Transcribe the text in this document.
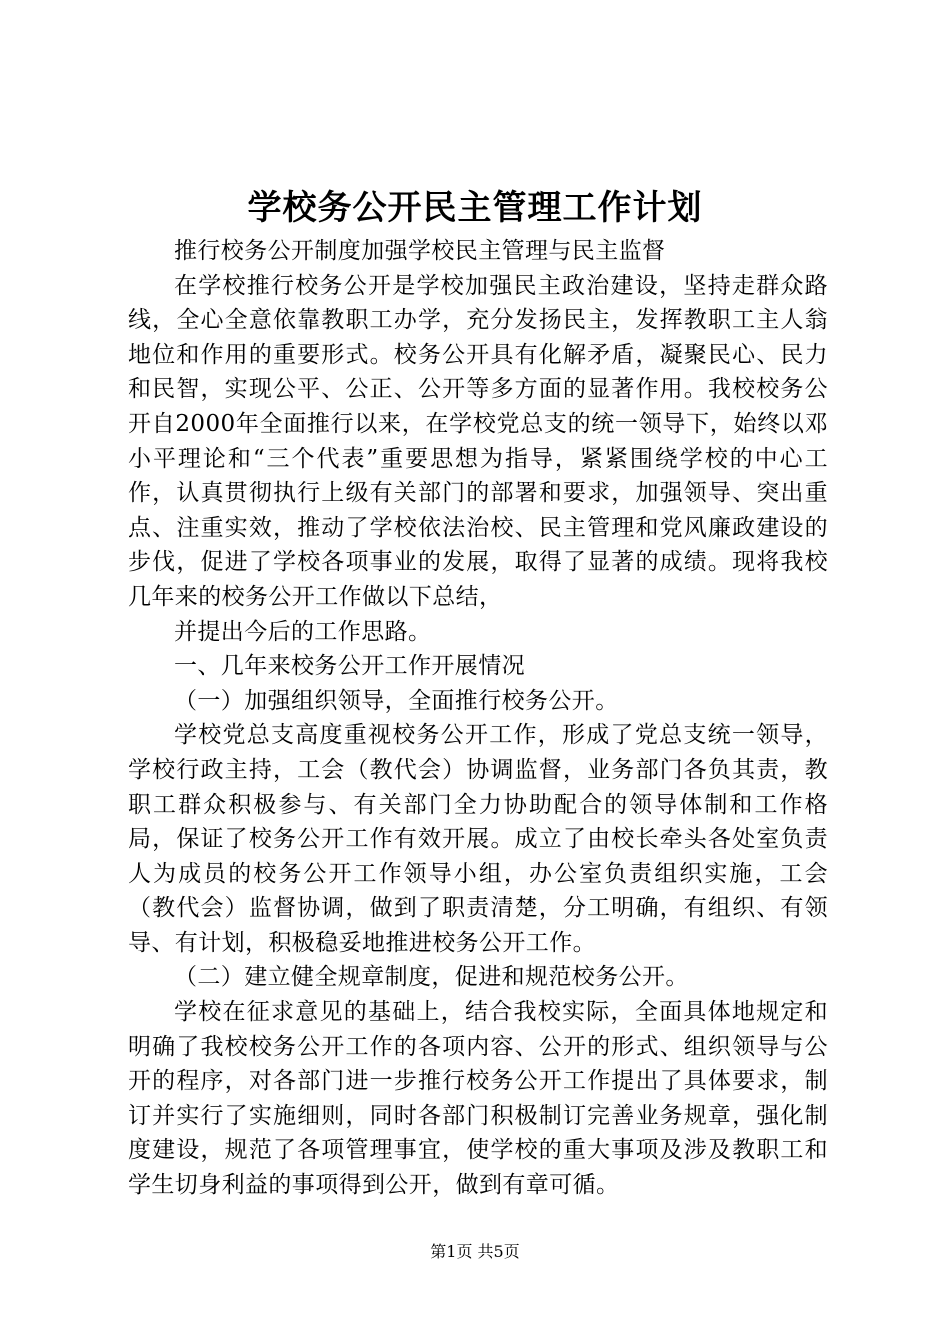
学校务公开民主管理工作计划

推行校务公开制度加强学校民主管理与民主监督

在学校推行校务公开是学校加强民主政治建设，坚持走群众路线，全心全意依靠教职工办学，充分发扬民主，发挥教职工主人翁地位和作用的重要形式。校务公开具有化解矛盾，凝聚民心、民力和民智，实现公平、公正、公开等多方面的显著作用。我校校务公开自2000年全面推行以来，在学校党总支的统一领导下，始终以邓小平理论和“三个代表”重要思想为指导，紧紧围绕学校的中心工作，认真贯彻执行上级有关部门的部署和要求，加强领导、突出重点、注重实效，推动了学校依法治校、民主管理和党风廉政建设的步伐，促进了学校各项事业的发展，取得了显著的成绩。现将我校几年来的校务公开工作做以下总结，

并提出今后的工作思路。

一、几年来校务公开工作开展情况

（一）加强组织领导，全面推行校务公开。

学校党总支高度重视校务公开工作，形成了党总支统一领导，学校行政主持，工会（教代会）协调监督，业务部门各负其责，教职工群众积极参与、有关部门全力协助配合的领导体制和工作格局，保证了校务公开工作有效开展。成立了由校长牵头各处室负责人为成员的校务公开工作领导小组，办公室负责组织实施，工会（教代会）监督协调，做到了职责清楚，分工明确，有组织、有领导、有计划，积极稳妥地推进校务公开工作。

（二）建立健全规章制度，促进和规范校务公开。

学校在征求意见的基础上，结合我校实际，全面具体地规定和明确了我校校务公开工作的各项内容、公开的形式、组织领导与公开的程序，对各部门进一步推行校务公开工作提出了具体要求，制订并实行了实施细则，同时各部门积极制订完善业务规章，强化制度建设，规范了各项管理事宜，使学校的重大事项及涉及教职工和学生切身利益的事项得到公开，做到有章可循。

第1页 共5页
